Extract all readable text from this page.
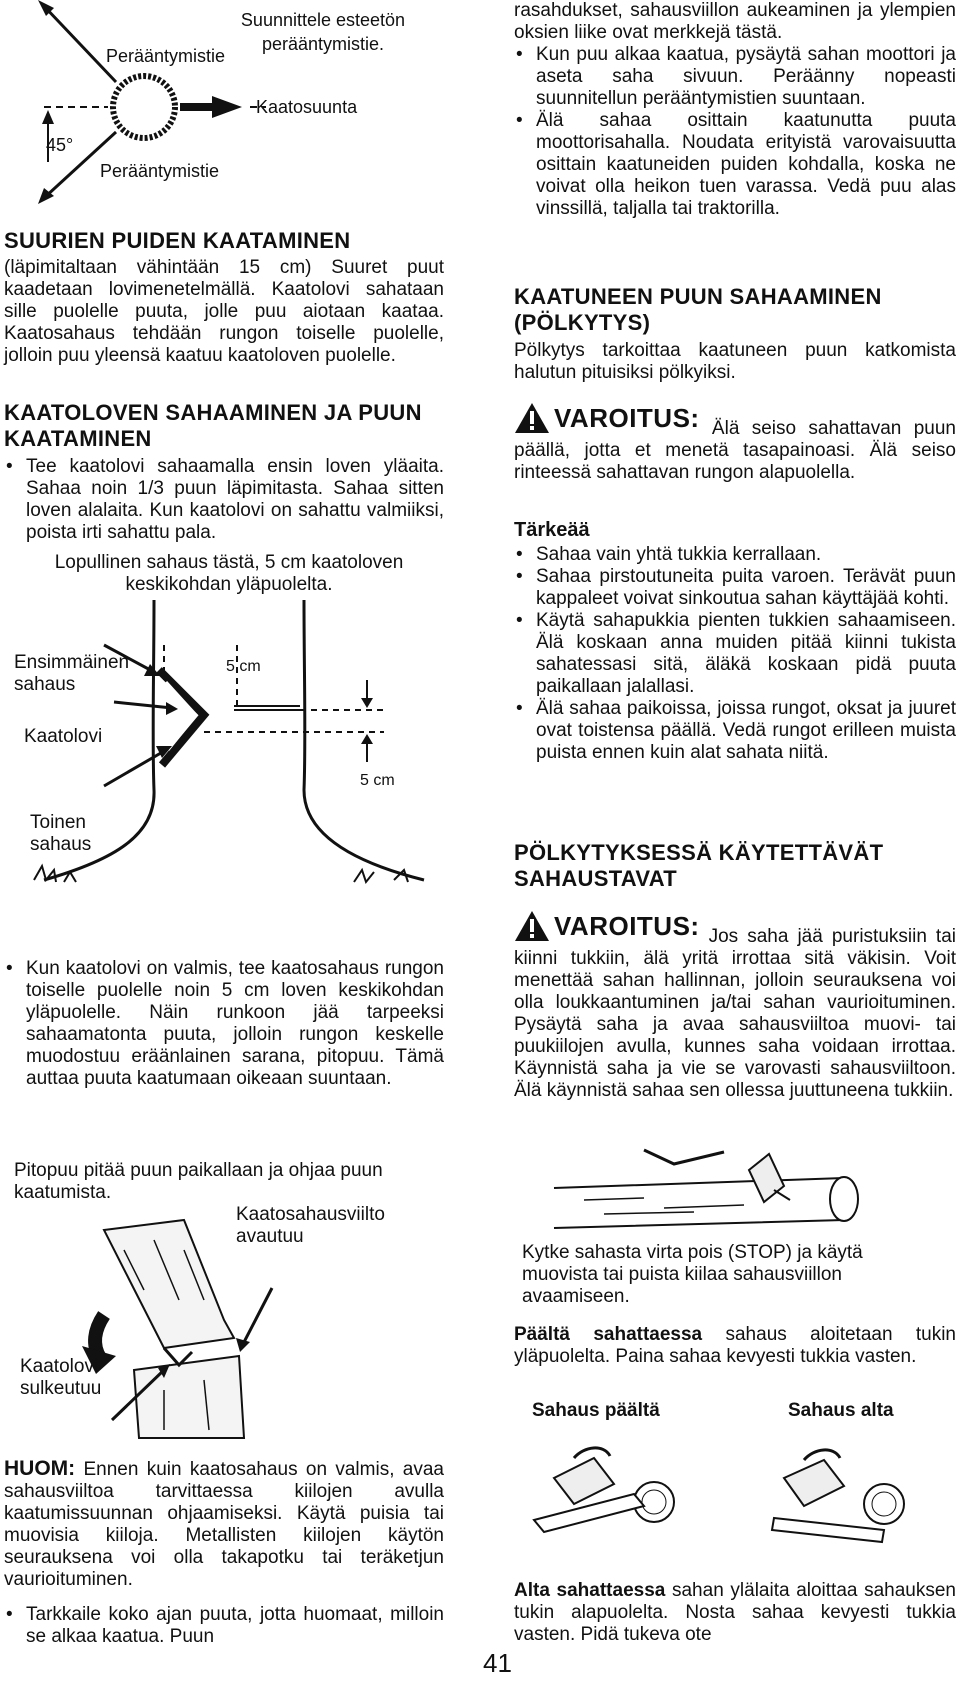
Perääntymistie
Suunnittele esteetön perääntymistie.
Kaatosuunta
45°
Perääntymistie
SUURIEN PUIDEN KAATAMINEN

(läpimitaltaan vähintään 15 cm) Suuret puut kaadetaan lovimenetelmällä. Kaatolovi sahataan sille puolelle puuta, jolle puu aiotaan kaataa. Kaatosahaus tehdään rungon toiselle puolelle, jolloin puu yleensä kaatuu kaatoloven puolelle.

KAATOLOVEN SAHAAMINEN JA PUUN KAATAMINEN
• Tee kaatolovi sahaamalla ensin loven yläaita. Sahaa noin 1/3 puun läpimitasta. Sahaa sitten loven alalaita. Kun kaatolovi on sahattu valmiiksi, poista irti sahattu pala.
Lopullinen sahaus tästä, 5 cm kaatoloven keskikohdan yläpuolelta.
Ensimmäinen sahaus
5 cm
Kaatolovi
5 cm
Toinen sahaus
• Kun kaatolovi on valmis, tee kaatosahaus rungon toiselle puolelle noin 5 cm loven keskikohdan yläpuolelle. Näin runkoon jää tarpeeksi sahaamatonta puuta, jolloin rungon keskelle muodostuu eräänlainen sarana, pitopuu. Tämä auttaa puuta kaatumaan oikeaan suuntaan.
Pitopuu pitää puun paikallaan ja ohjaa puun kaatumista.
Kaatosahausviilto avautuu
Kaatolovi sulkeutuu

HUOM: Ennen kuin kaatosahaus on valmis, avaa sahausviiltoa tarvittaessa kiilojen avulla kaatumissuunnan ohjaamiseksi. Käytä puisia tai muovisia kiiloja. Metallisten kiilojen käytön seurauksena voi olla takapotku tai teräketjun vaurioituminen.

• Tarkkaile koko ajan puuta, jotta huomaat, milloin se alkaa kaatua. Puun

rasahdukset, sahausviillon aukeaminen ja ylempien oksien liike ovat merkkejä tästä.

• Kun puu alkaa kaatua, pysäytä sahan moottori ja aseta saha sivuun. Peräänny nopeasti suunnitellun perääntymistien suuntaan.
• Älä sahaa osittain kaatunutta puuta moottorisahalla. Noudata erityistä varovaisuutta osittain kaatuneiden puiden kohdalla, koska ne voivat olla heikon tuen varassa. Vedä puu alas vinssillä, taljalla tai traktorilla.
KAATUNEEN PUUN SAHAAMINEN (PÖLKYTYS)

Pölkytys tarkoittaa kaatuneen puun katkomista halutun pituisiksi pölkyiksi.

VAROITUS: Älä seiso sahattavan puun päällä, jotta et menetä tasapainoasi. Älä seiso rinteessä sahattavan rungon alapuolella.
Tärkeää
• Sahaa vain yhtä tukkia kerrallaan.
• Sahaa pirstoutuneita puita varoen. Terävät puun kappaleet voivat sinkoutua sahan käyttäjää kohti.
• Käytä sahapukkia pienten tukkien sahaamiseen. Älä koskaan anna muiden pitää kiinni tukista sahatessasi sitä, äläkä koskaan pidä puuta paikallaan jalallasi.
• Älä sahaa paikoissa, joissa rungot, oksat ja juuret ovat toistensa päällä. Vedä rungot erilleen muista puista ennen kuin alat sahata niitä.
PÖLKYTYKSESSÄ KÄYTETTÄVÄT SAHAUSTAVAT
VAROITUS: Jos saha jää puristuksiin tai kiinni tukkiin, älä yritä irrottaa sitä väkisin. Voit menettää sahan hallinnan, jolloin seurauksena voi olla loukkaantuminen ja/tai sahan vaurioituminen. Pysäytä saha ja avaa sahausviiltoa muovi- tai puukiilojen avulla, kunnes saha voidaan irrottaa. Käynnistä saha ja vie se varovasti sahausviiltoon. Älä käynnistä sahaa sen ollessa juuttuneena tukkiin.

Kytke sahasta virta pois (STOP) ja käytä muovista tai puista kiilaa sahausviillon avaamiseen.

Päältä sahattaessa sahaus aloitetaan tukin yläpuolelta. Paina sahaa kevyesti tukkia vasten.

Sahaus päältä	Sahaus alta

Alta sahattaessa sahan ylälaita aloittaa sahauksen tukin alapuolelta. Nosta sahaa kevyesti tukkia vasten. Pidä tukeva ote

41
